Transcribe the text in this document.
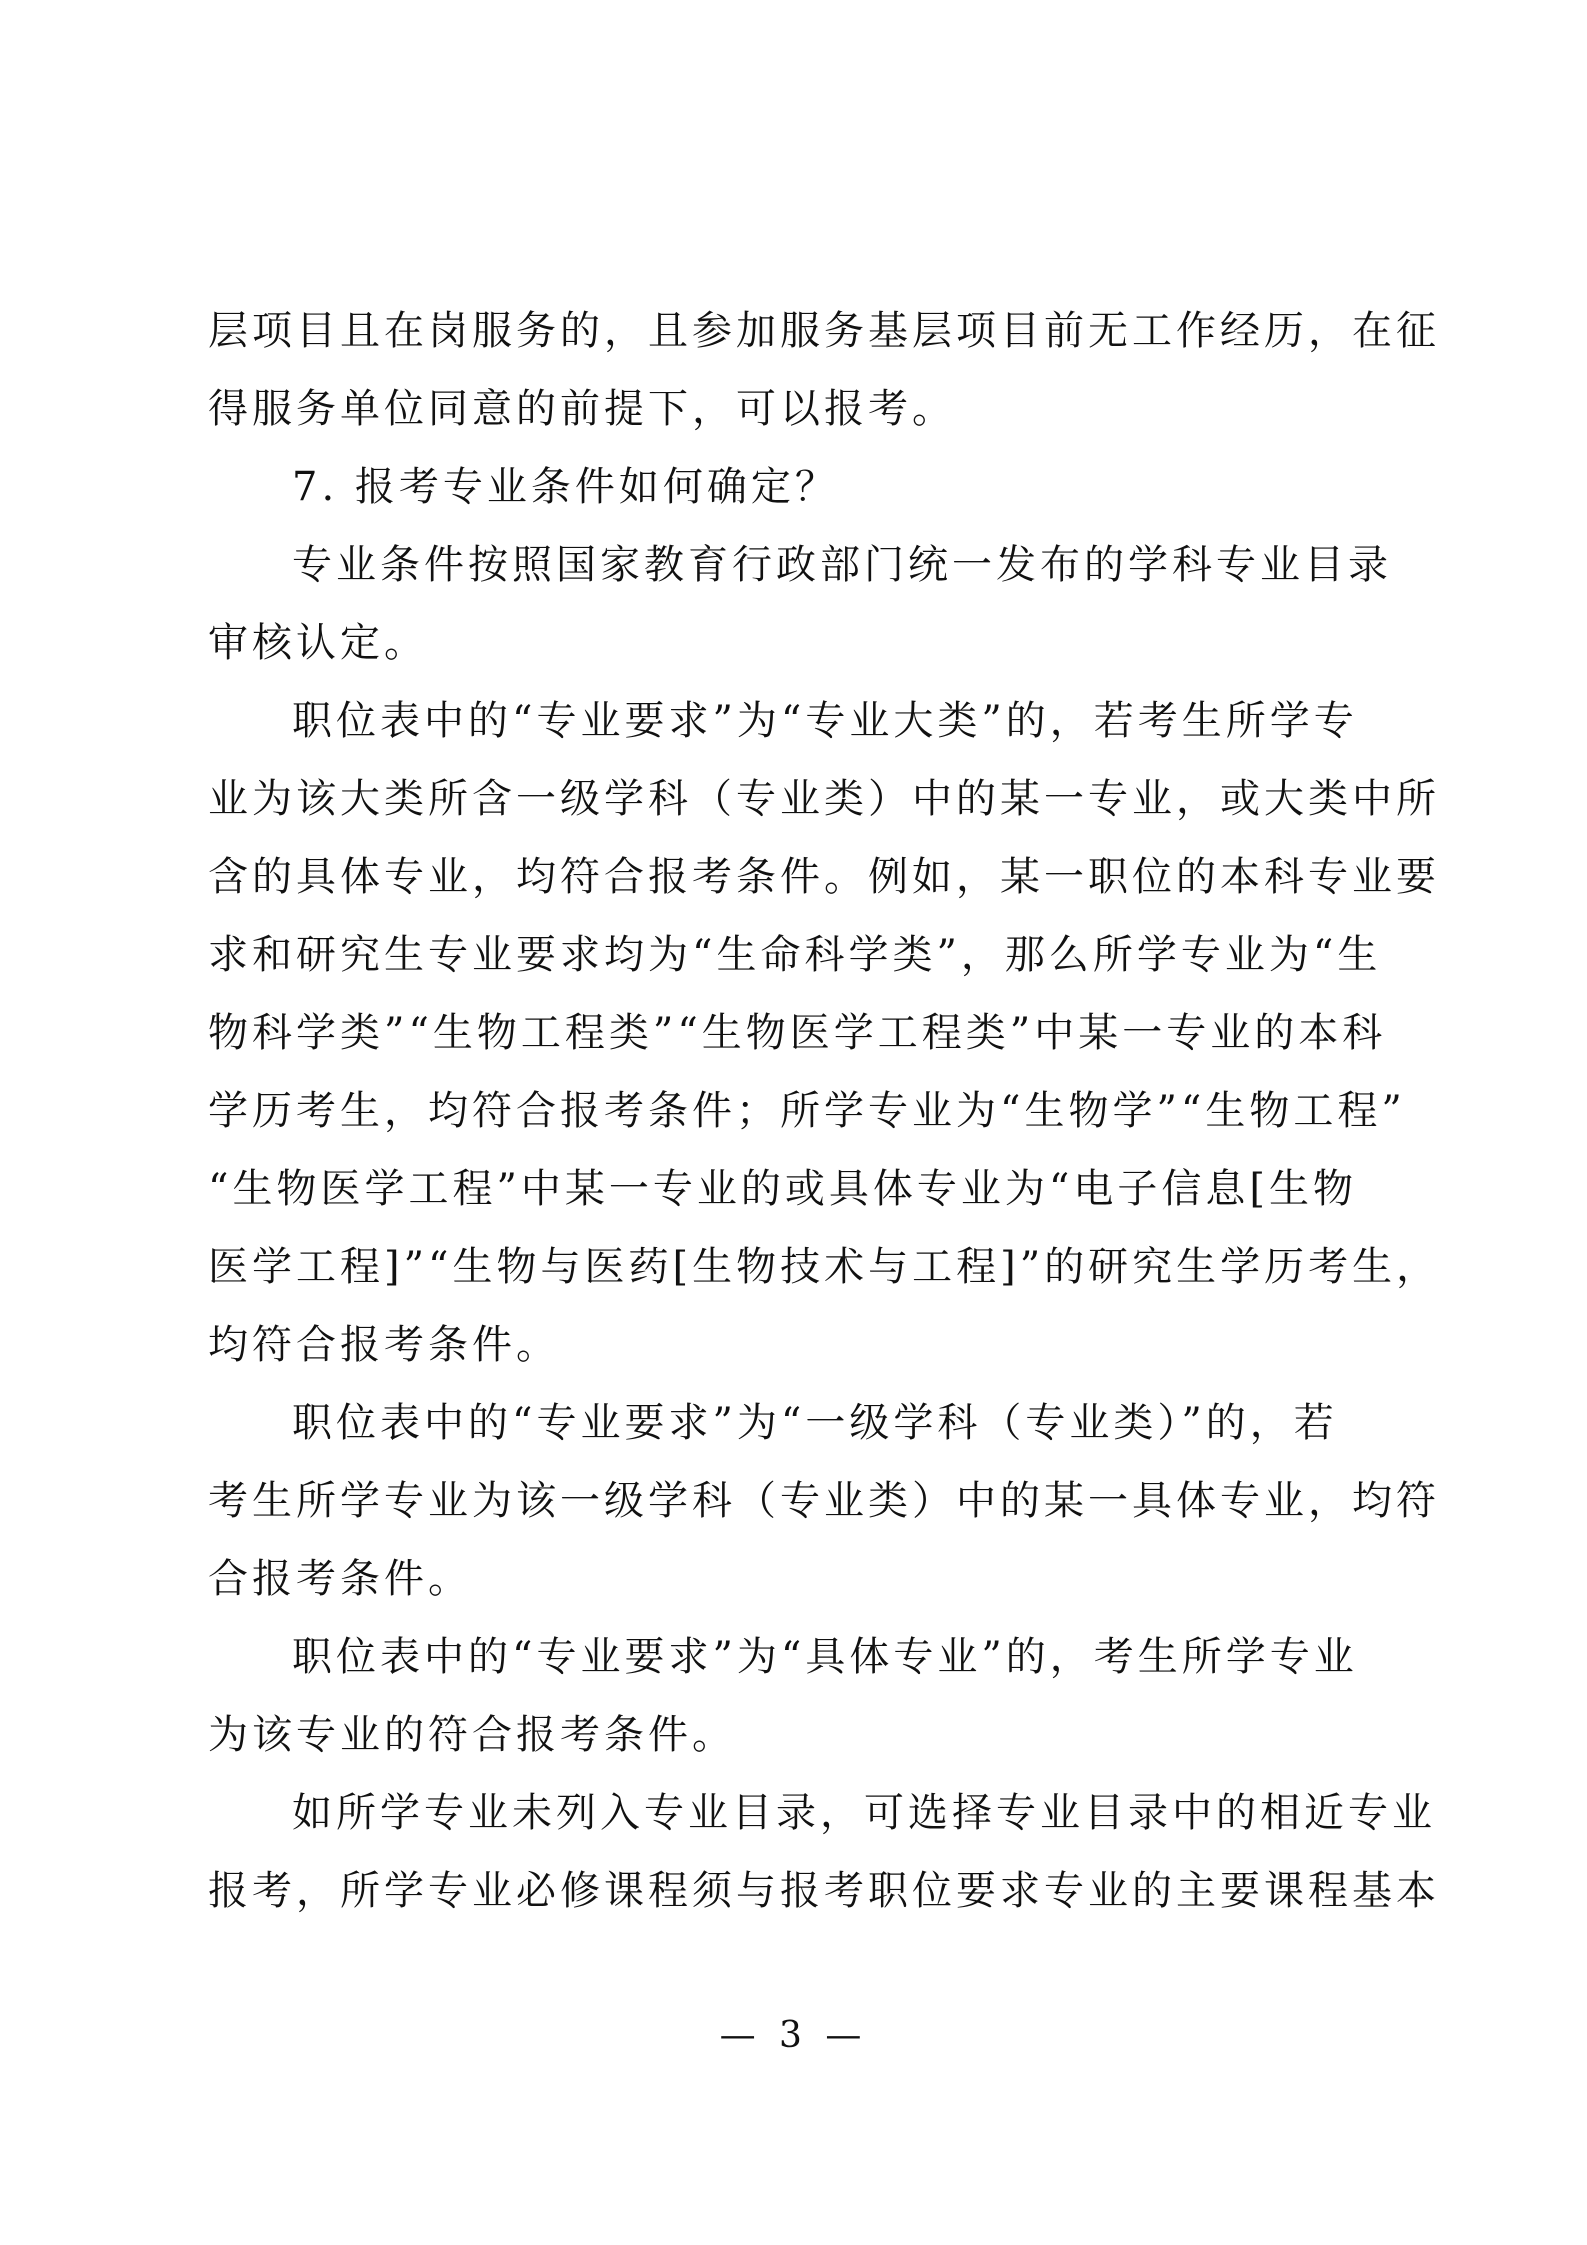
层项目且在岗服务的，且参加服务基层项目前无工作经历，在征
得服务单位同意的前提下，可以报考。
7. 报考专业条件如何确定？
专业条件按照国家教育行政部门统一发布的学科专业目录
审核认定。
职位表中的“专业要求”为“专业大类”的，若考生所学专
业为该大类所含一级学科（专业类）中的某一专业，或大类中所
含的具体专业，均符合报考条件。例如，某一职位的本科专业要
求和研究生专业要求均为“生命科学类”，那么所学专业为“生
物科学类”“生物工程类”“生物医学工程类”中某一专业的本科
学历考生，均符合报考条件；所学专业为“生物学”“生物工程”
“生物医学工程”中某一专业的或具体专业为“电子信息[生物
医学工程]”“生物与医药[生物技术与工程]”的研究生学历考生，
均符合报考条件。
职位表中的“专业要求”为“一级学科（专业类）”的，若
考生所学专业为该一级学科（专业类）中的某一具体专业，均符
合报考条件。
职位表中的“专业要求”为“具体专业”的，考生所学专业
为该专业的符合报考条件。
如所学专业未列入专业目录，可选择专业目录中的相近专业
报考，所学专业必修课程须与报考职位要求专业的主要课程基本
— 3 —
